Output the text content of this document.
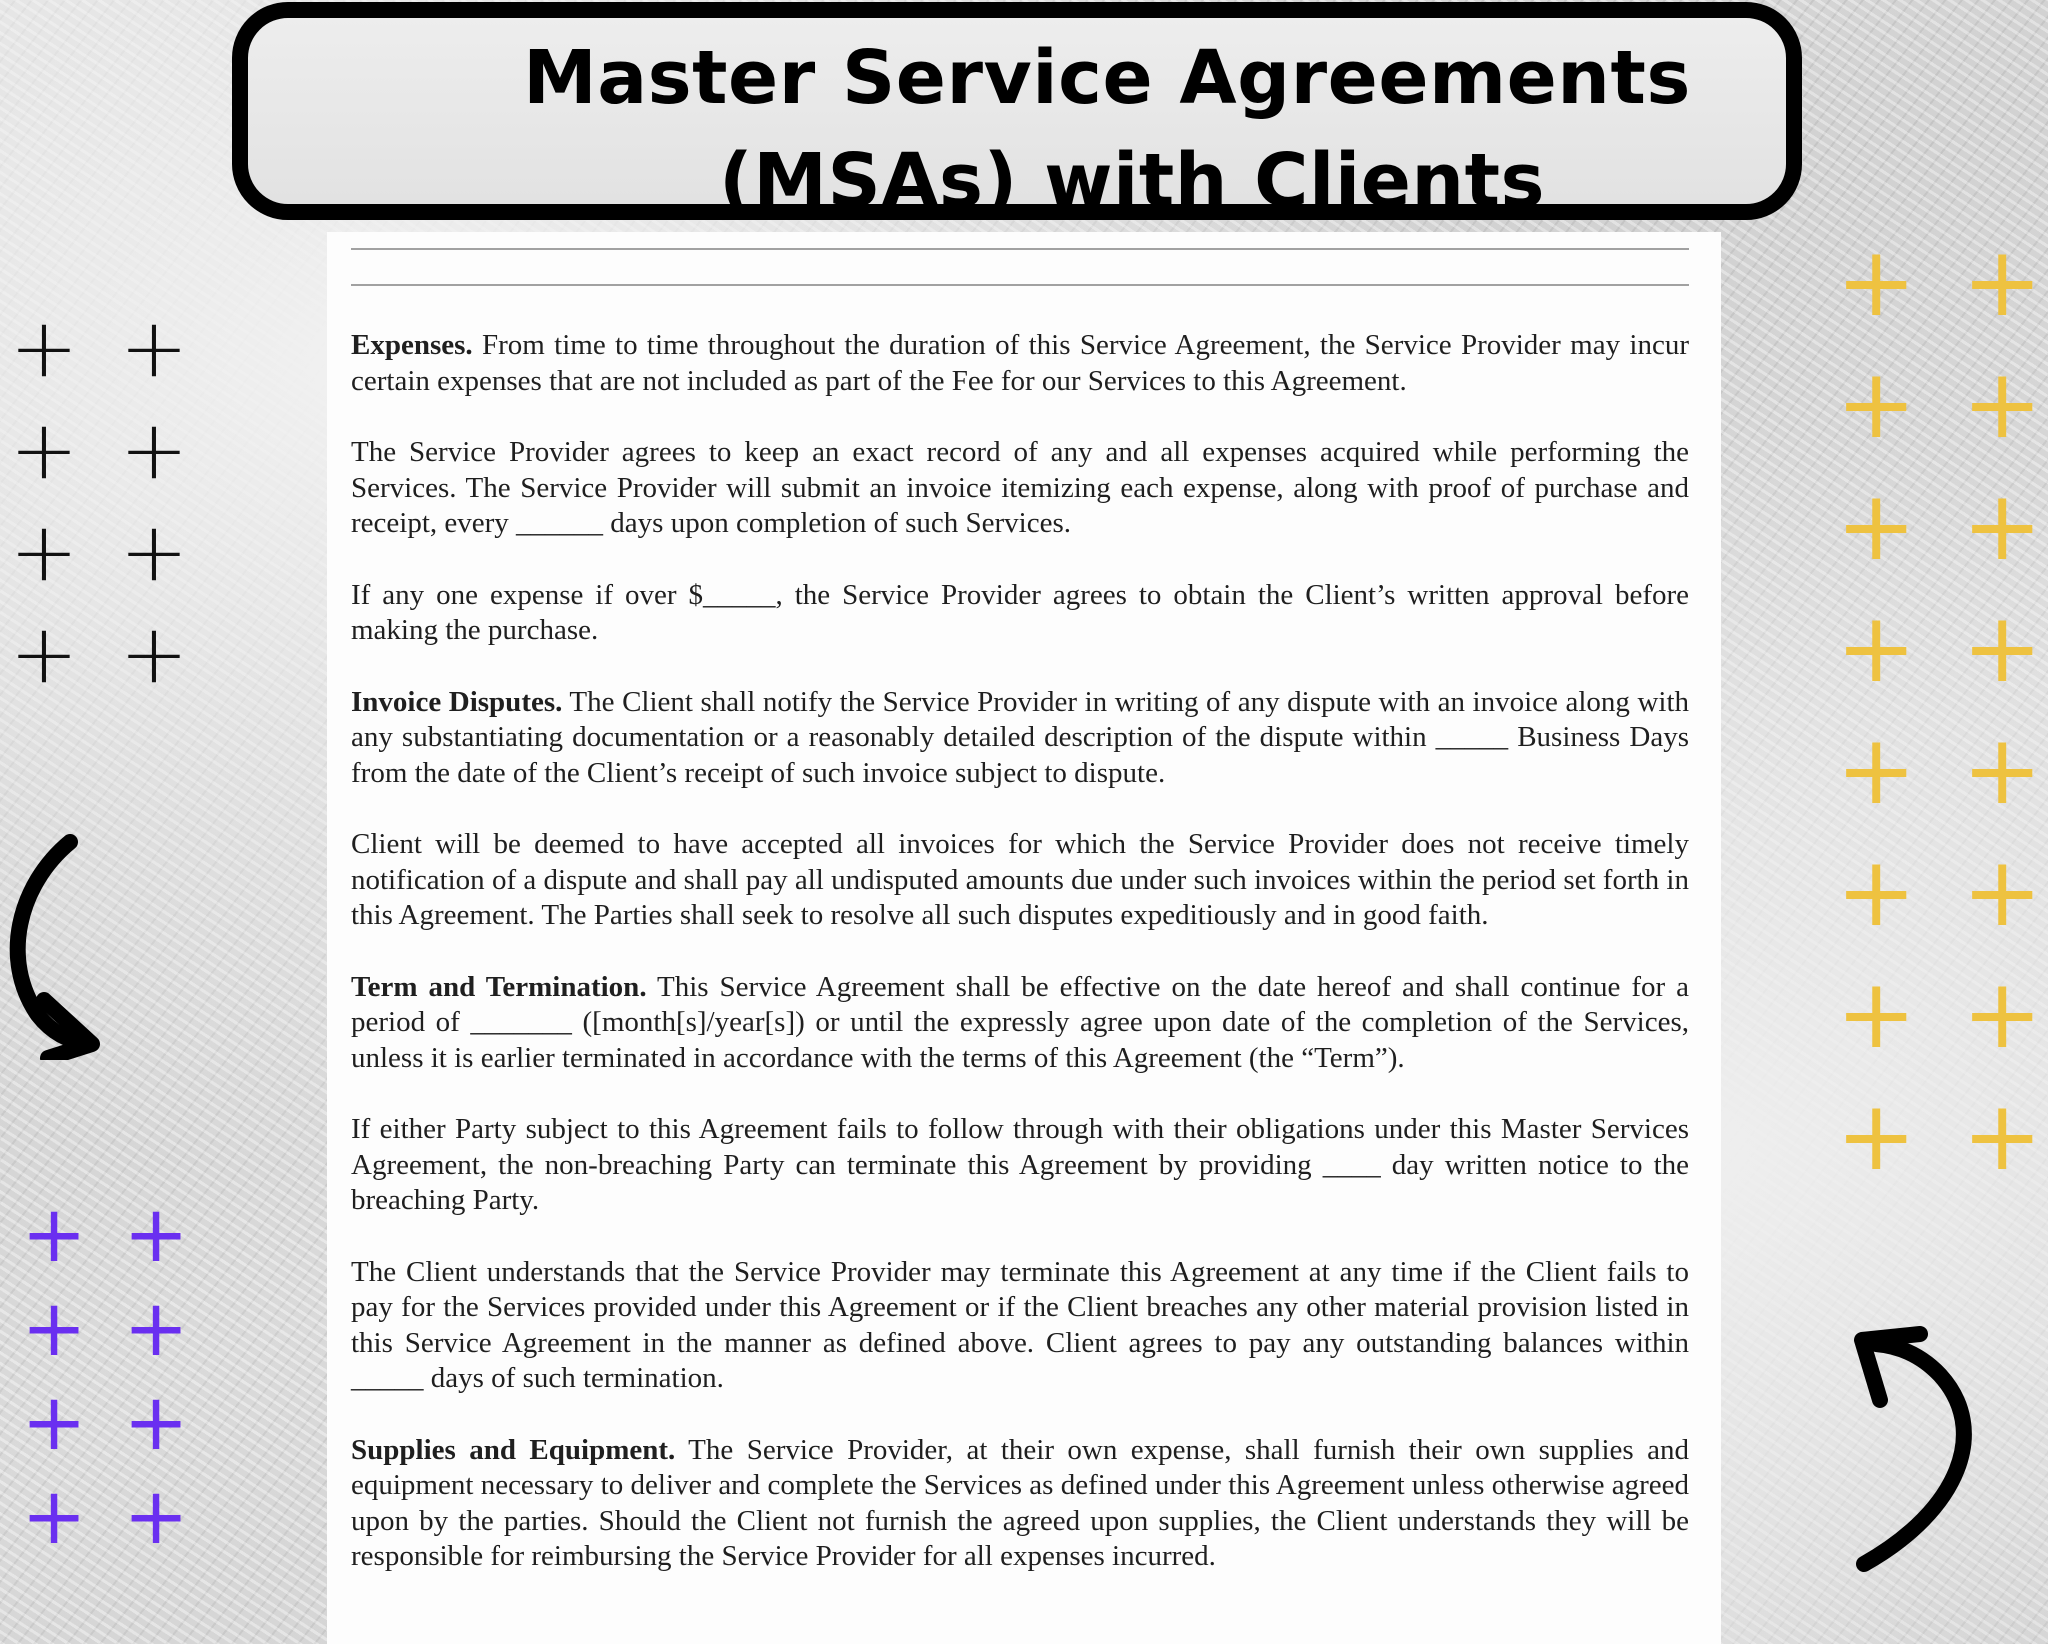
Master Service Agreements
(MSAs) with Clients
+ +
+ +
+ +
+ +
+ +
+ +
+ +
+ +
+ +
+ +
+ +
+ +
+ +
+ +
+ +
+ +

Expenses. From time to time throughout the duration of this Service Agreement, the Service Provider may incur certain expenses that are not included as part of the Fee for our Services to this Agreement.

The Service Provider agrees to keep an exact record of any and all expenses acquired while performing the Services. The Service Provider will submit an invoice itemizing each expense, along with proof of purchase and receipt, every ______ days upon completion of such Services.

If any one expense if over $_____, the Service Provider agrees to obtain the Client’s written approval before making the purchase.

Invoice Disputes. The Client shall notify the Service Provider in writing of any dispute with an invoice along with any substantiating documentation or a reasonably detailed description of the dispute within _____ Business Days from the date of the Client’s receipt of such invoice subject to dispute.

Client will be deemed to have accepted all invoices for which the Service Provider does not receive timely notification of a dispute and shall pay all undisputed amounts due under such invoices within the period set forth in this Agreement. The Parties shall seek to resolve all such disputes expeditiously and in good faith.

Term and Termination. This Service Agreement shall be effective on the date hereof and shall continue for a period of _______ ([month[s]/year[s]) or until the expressly agree upon date of the completion of the Services, unless it is earlier terminated in accordance with the terms of this Agreement (the “Term”).

If either Party subject to this Agreement fails to follow through with their obligations under this Master Services Agreement, the non-breaching Party can terminate this Agreement by providing ____ day written notice to the breaching Party.

The Client understands that the Service Provider may terminate this Agreement at any time if the Client fails to pay for the Services provided under this Agreement or if the Client breaches any other material provision listed in this Service Agreement in the manner as defined above. Client agrees to pay any outstanding balances within _____ days of such termination.

Supplies and Equipment. The Service Provider, at their own expense, shall furnish their own supplies and equipment necessary to deliver and complete the Services as defined under this Agreement unless otherwise agreed upon by the parties. Should the Client not furnish the agreed upon supplies, the Client understands they will be responsible for reimbursing the Service Provider for all expenses incurred.
